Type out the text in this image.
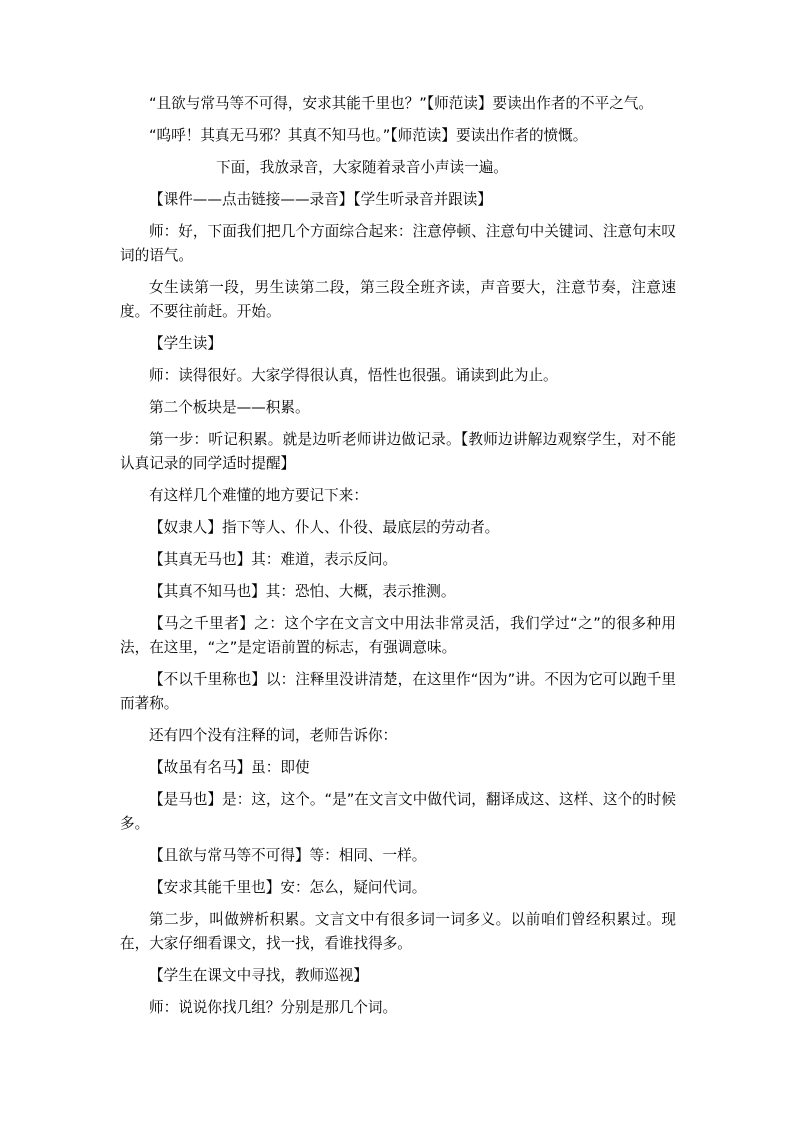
“且欲与常马等不可得，安求其能千里也？”【师范读】要读出作者的不平之气。

“呜呼！其真无马邪？其真不知马也。”【师范读】要读出作者的愤慨。

下面，我放录音，大家随着录音小声读一遍。

【课件——点击链接——录音】【学生听录音并跟读】

师：好，下面我们把几个方面综合起来：注意停顿、注意句中关键词、注意句末叹词的语气。

女生读第一段，男生读第二段，第三段全班齐读，声音要大，注意节奏，注意速度。不要往前赶。开始。

【学生读】

师：读得很好。大家学得很认真，悟性也很强。诵读到此为止。

第二个板块是——积累。

第一步：听记积累。就是边听老师讲边做记录。【教师边讲解边观察学生，对不能认真记录的同学适时提醒】

有这样几个难懂的地方要记下来：

【奴隶人】指下等人、仆人、仆役、最底层的劳动者。

【其真无马也】其：难道，表示反问。

【其真不知马也】其：恐怕、大概，表示推测。

【马之千里者】之：这个字在文言文中用法非常灵活，我们学过“之”的很多种用法，在这里，“之”是定语前置的标志，有强调意味。

【不以千里称也】以：注释里没讲清楚，在这里作“因为”讲。不因为它可以跑千里而著称。

还有四个没有注释的词，老师告诉你：

【故虽有名马】虽：即使

【是马也】是：这，这个。“是”在文言文中做代词，翻译成这、这样、这个的时候多。

【且欲与常马等不可得】等：相同、一样。

【安求其能千里也】安：怎么，疑问代词。

第二步，叫做辨析积累。文言文中有很多词一词多义。以前咱们曾经积累过。现在，大家仔细看课文，找一找，看谁找得多。

【学生在课文中寻找，教师巡视】

师：说说你找几组？分别是那几个词。
